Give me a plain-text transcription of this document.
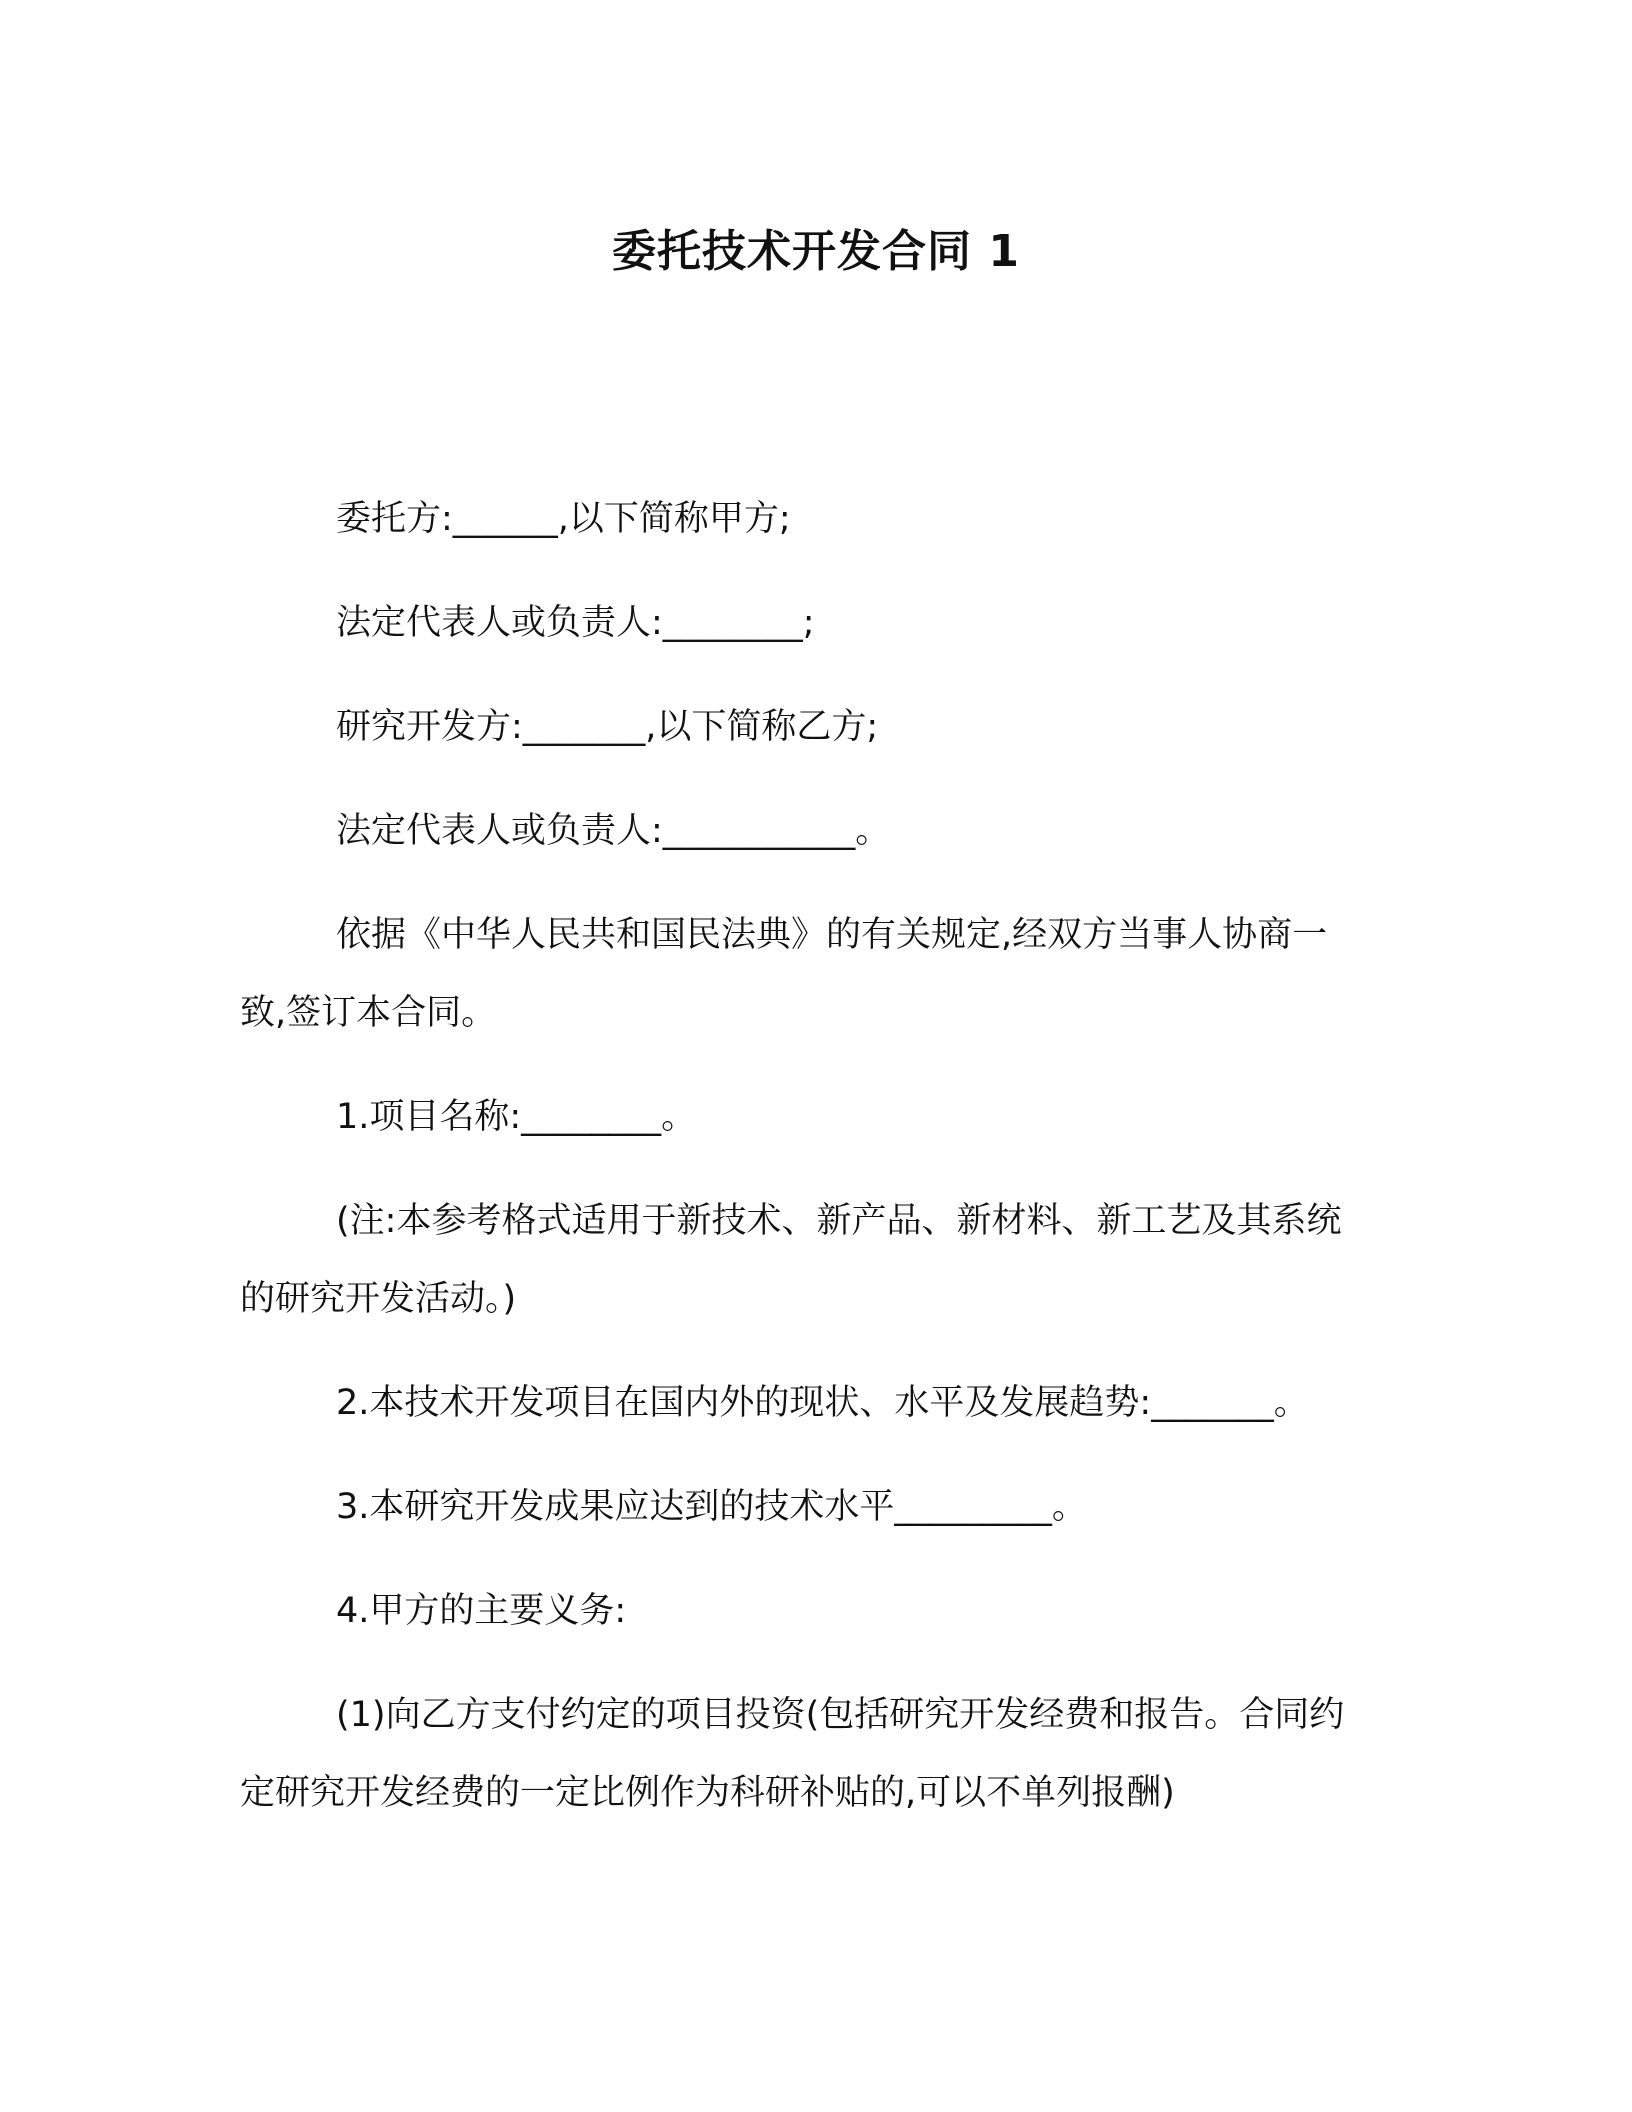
委托技术开发合同 1

委托方:______,以下简称甲方;

法定代表人或负责人:________;

研究开发方:_______,以下简称乙方;

法定代表人或负责人:___________。

依据《中华人民共和国民法典》的有关规定,经双方当事人协商一致,签订本合同。

1.项目名称:________。

(注:本参考格式适用于新技术、新产品、新材料、新工艺及其系统的研究开发活动。)

2.本技术开发项目在国内外的现状、水平及发展趋势:_______。

3.本研究开发成果应达到的技术水平_________。

4.甲方的主要义务:

(1)向乙方支付约定的项目投资(包括研究开发经费和报告。合同约定研究开发经费的一定比例作为科研补贴的,可以不单列报酬)
